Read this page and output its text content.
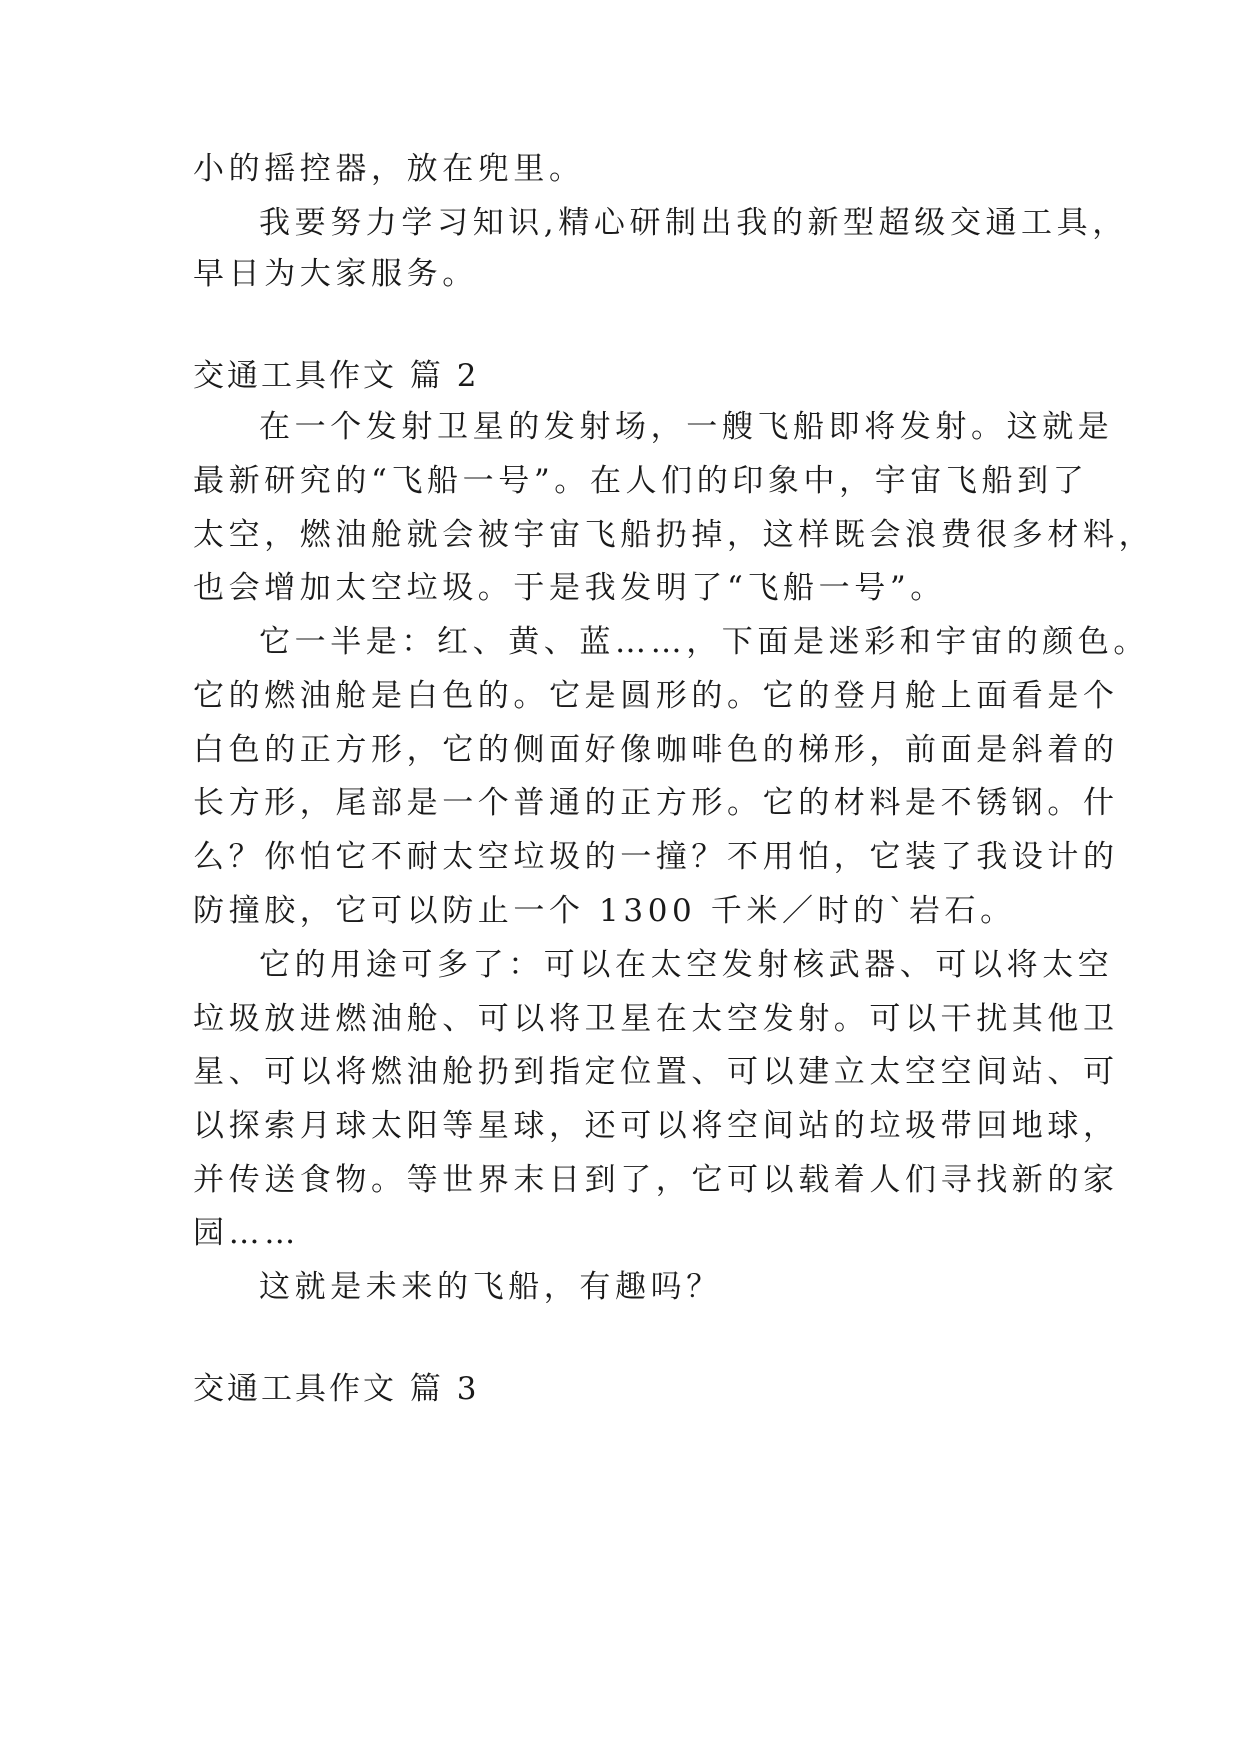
小的摇控器，放在兜里。
我要努力学习知识,精心研制出我的新型超级交通工具，
早日为大家服务。
交通工具作文 篇 2
在一个发射卫星的发射场，一艘飞船即将发射。这就是
最新研究的“飞船一号”。在人们的印象中，宇宙飞船到了
太空，燃油舱就会被宇宙飞船扔掉，这样既会浪费很多材料，
也会增加太空垃圾。于是我发明了“飞船一号”。
它一半是：红、黄、蓝……，下面是迷彩和宇宙的颜色。
它的燃油舱是白色的。它是圆形的。它的登月舱上面看是个
白色的正方形，它的侧面好像咖啡色的梯形，前面是斜着的
长方形，尾部是一个普通的正方形。它的材料是不锈钢。什
么？你怕它不耐太空垃圾的一撞？不用怕，它装了我设计的
防撞胶，它可以防止一个 1300 千米／时的`岩石。
它的用途可多了：可以在太空发射核武器、可以将太空
垃圾放进燃油舱、可以将卫星在太空发射。可以干扰其他卫
星、可以将燃油舱扔到指定位置、可以建立太空空间站、可
以探索月球太阳等星球，还可以将空间站的垃圾带回地球，
并传送食物。等世界末日到了，它可以载着人们寻找新的家
园……
这就是未来的飞船，有趣吗？
交通工具作文 篇 3
